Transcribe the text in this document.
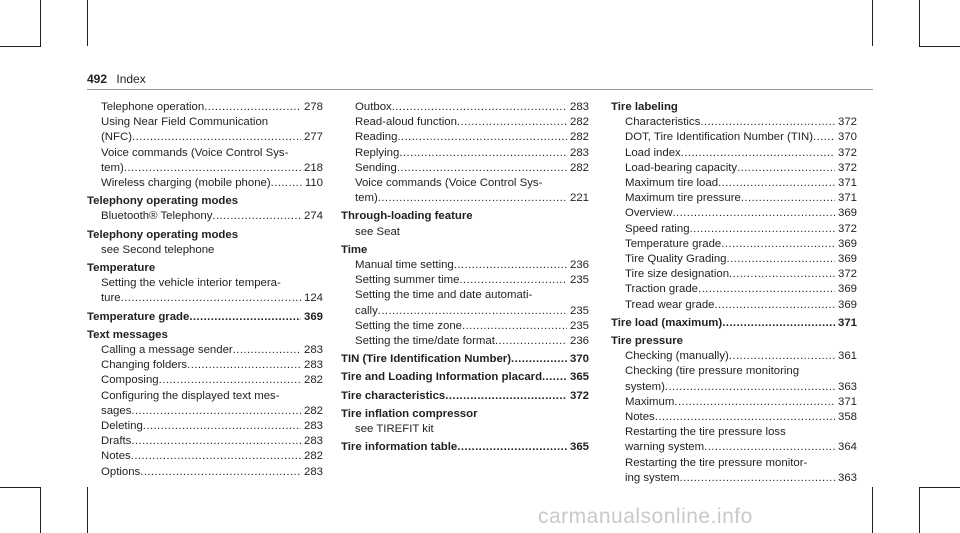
492 Index
Telephone operation .....	278
Using Near Field Communication
(NFC) .....	277
Voice commands (Voice Control Sys-
tem) .....	218
Wireless charging (mobile phone) .....	110
Telephony operating modes
Bluetooth® Telephony .....	274
Telephony operating modes
see Second telephone
Temperature
Setting the vehicle interior tempera-
ture .....	124
Temperature grade .....	369
Text messages
Calling a message sender .....	283
Changing folders .....	283
Composing .....	282
Configuring the displayed text mes-
sages .....	282
Deleting .....	283
Drafts .....	283
Notes .....	282
Options .....	283
Outbox .....	283
Read-aloud function .....	282
Reading .....	282
Replying .....	283
Sending .....	282
Voice commands (Voice Control Sys-
tem) .....	221
Through-loading feature
see Seat
Time
Manual time setting .....	236
Setting summer time .....	235
Setting the time and date automati-
cally .....	235
Setting the time zone .....	235
Setting the time/date format .....	236
TIN (Tire Identification Number) .....	370
Tire and Loading Information placard ..... 365
Tire characteristics .....	372
Tire inflation compressor
see TIREFIT kit
Tire information table .....	365
Tire labeling
Characteristics .....	372
DOT, Tire Identification Number (TIN) ..... 370
Load index .....	372
Load-bearing capacity .....	372
Maximum tire load .....	371
Maximum tire pressure .....	371
Overview .....	369
Speed rating .....	372
Temperature grade .....	369
Tire Quality Grading .....	369
Tire size designation .....	372
Traction grade .....	369
Tread wear grade .....	369
Tire load (maximum) .....	371
Tire pressure
Checking (manually) .....	361
Checking (tire pressure monitoring
system) .....	363
Maximum .....	371
Notes .....	358
Restarting the tire pressure loss
warning system .....	364
Restarting the tire pressure monitor-
ing system .....	363
carmanualsonline.info
